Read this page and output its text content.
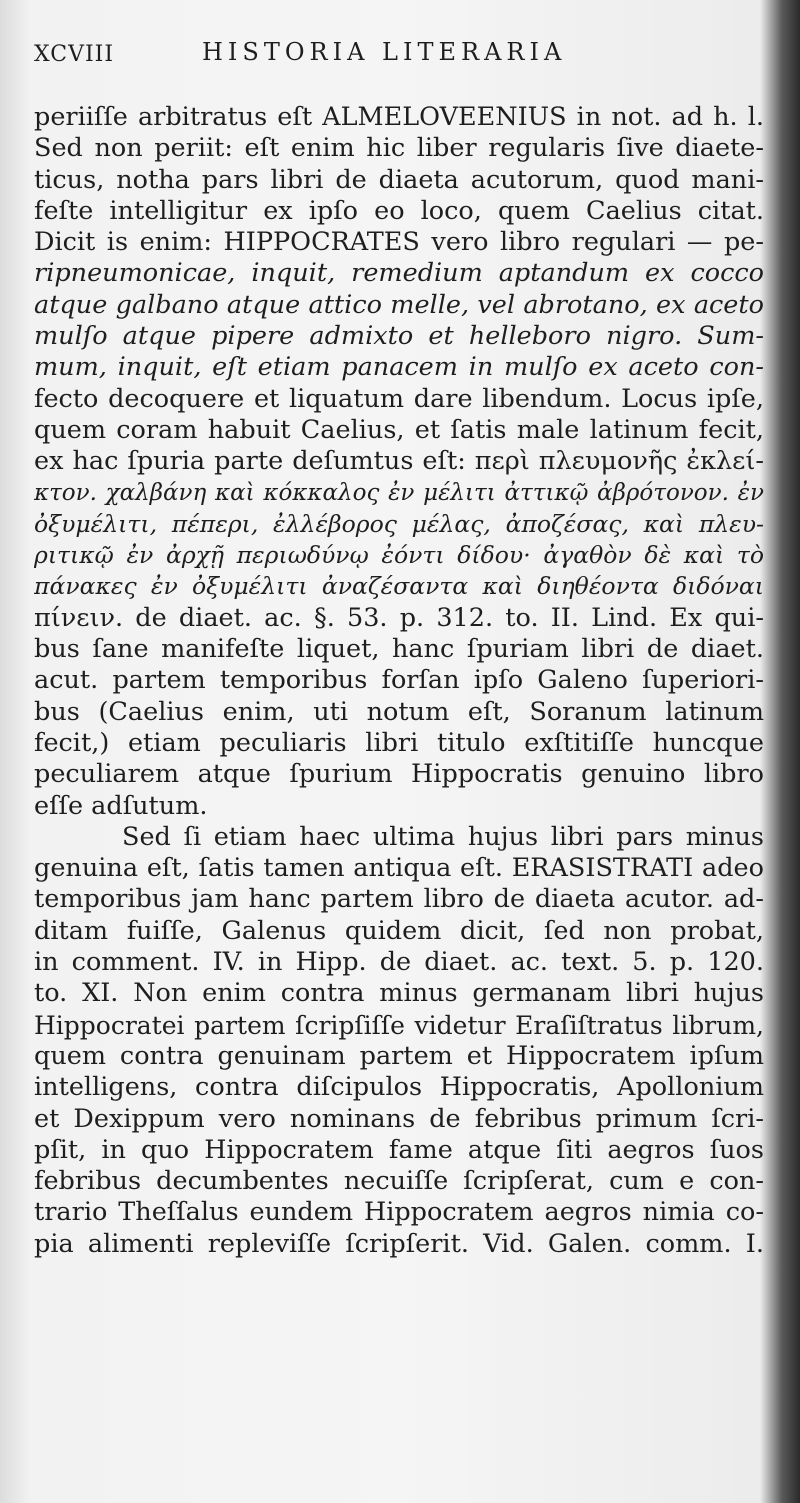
XCVIII	HISTORIA LITERARIA
periiſſe arbitratus eſt ALMELOVEENIUS in not. ad h. l.
Sed non periit: eſt enim hic liber regularis ſive diaete-
ticus, notha pars libri de diaeta acutorum, quod mani-
feſte intelligitur ex ipſo eo loco, quem Caelius citat.
Dicit is enim: HIPPOCRATES vero libro regulari — pe-
ripneumonicae, inquit, remedium aptandum ex cocco
atque galbano atque attico melle, vel abrotano, ex aceto
mulſo atque pipere admixto et helleboro nigro. Sum-
mum, inquit, eſt etiam panacem in mulſo ex aceto con-
fecto decoquere et liquatum dare libendum. Locus ipſe,
quem coram habuit Caelius, et ſatis male latinum fecit,
ex hac ſpuria parte deſumtus eſt: περὶ πλευμονῆς ἐκλεί-
κτον. χαλβάνη καὶ κόκκαλος ἐν μέλιτι ἀττικῷ ἀβρότονον. ἐν
ὀξυμέλιτι, πέπερι, ἐλλέβορος μέλας, ἀποζέσας, καὶ πλευ-
ριτικῷ ἐν ἀρχῇ περιωδύνῳ ἐόντι δίδου· ἀγαθὸν δὲ καὶ τὸ
πάνακες ἐν ὀξυμέλιτι ἀναζέσαντα καὶ διηθέοντα διδόναι
πίνειν. de diaet. ac. §. 53. p. 312. to. II. Lind. Ex qui-
bus ſane manifeſte liquet, hanc ſpuriam libri de diaet.
acut. partem temporibus forſan ipſo Galeno ſuperiori-
bus (Caelius enim, uti notum eſt, Soranum latinum
fecit,) etiam peculiaris libri titulo exſtitiſſe huncque
peculiarem atque ſpurium Hippocratis genuino libro
eſſe adſutum.
Sed ſi etiam haec ultima hujus libri pars minus
genuina eſt, ſatis tamen antiqua eſt. ERASISTRATI adeo
temporibus jam hanc partem libro de diaeta acutor. ad-
ditam fuiſſe, Galenus quidem dicit, ſed non probat,
in comment. IV. in Hipp. de diaet. ac. text. 5. p. 120.
to. XI. Non enim contra minus germanam libri hujus
Hippocratei partem ſcripſiſſe videtur Eraſiſtratus librum,
quem contra genuinam partem et Hippocratem ipſum
intelligens, contra diſcipulos Hippocratis, Apollonium
et Dexippum vero nominans de febribus primum ſcri-
pſit, in quo Hippocratem fame atque ſiti aegros ſuos
febribus decumbentes necuiſſe ſcripſerat, cum e con-
trario Theſſalus eundem Hippocratem aegros nimia co-
pia alimenti repleviſſe ſcripſerit. Vid. Galen. comm. I.
